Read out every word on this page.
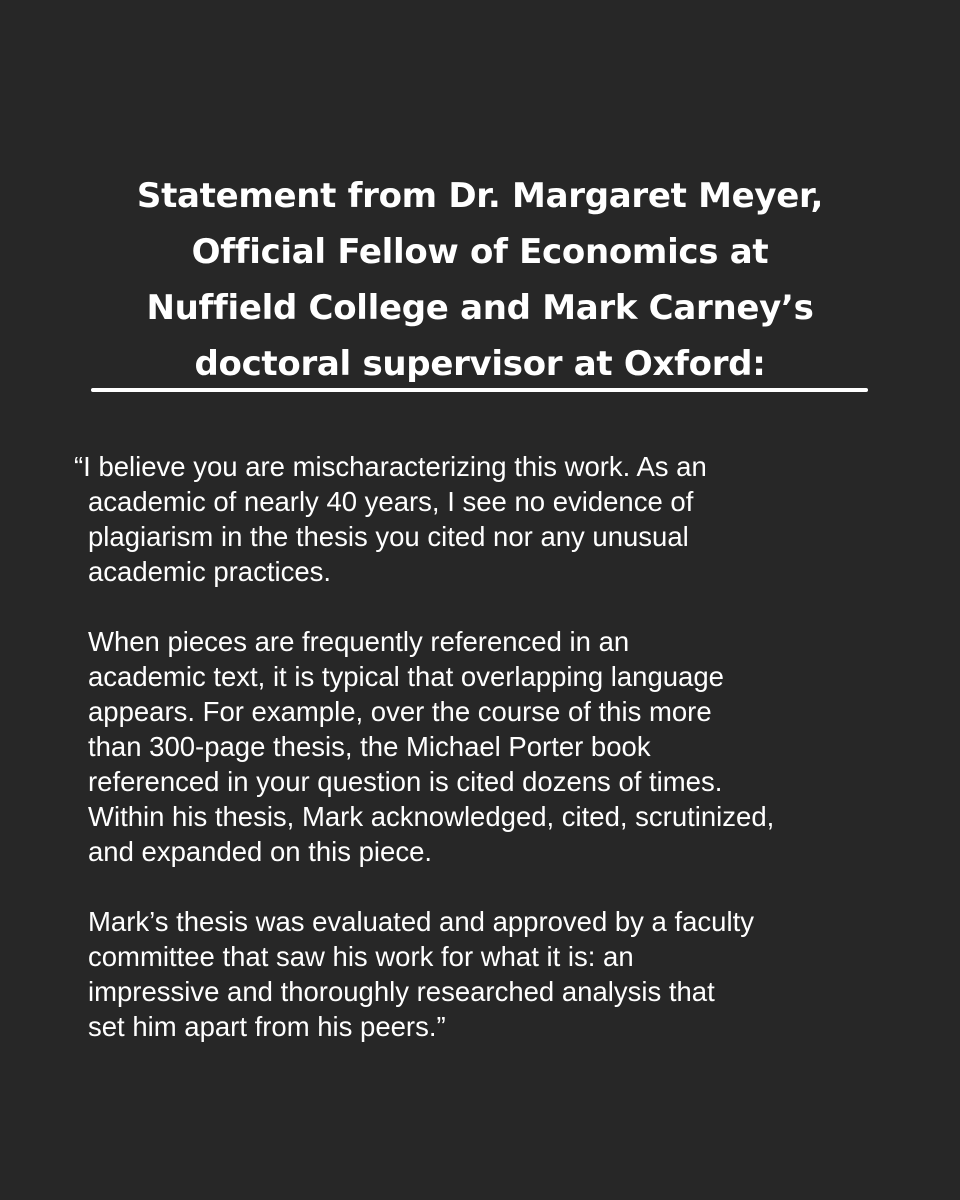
Statement from Dr. Margaret Meyer,
Official Fellow of Economics at
Nuffield College and Mark Carney’s
doctoral supervisor at Oxford:

“I believe you are mischaracterizing this work. As an
academic of nearly 40 years, I see no evidence of
plagiarism in the thesis you cited nor any unusual
academic practices.

When pieces are frequently referenced in an
academic text, it is typical that overlapping language
appears. For example, over the course of this more
than 300-page thesis, the Michael Porter book
referenced in your question is cited dozens of times.
Within his thesis, Mark acknowledged, cited, scrutinized,
and expanded on this piece.

Mark’s thesis was evaluated and approved by a faculty
committee that saw his work for what it is: an
impressive and thoroughly researched analysis that
set him apart from his peers.”
